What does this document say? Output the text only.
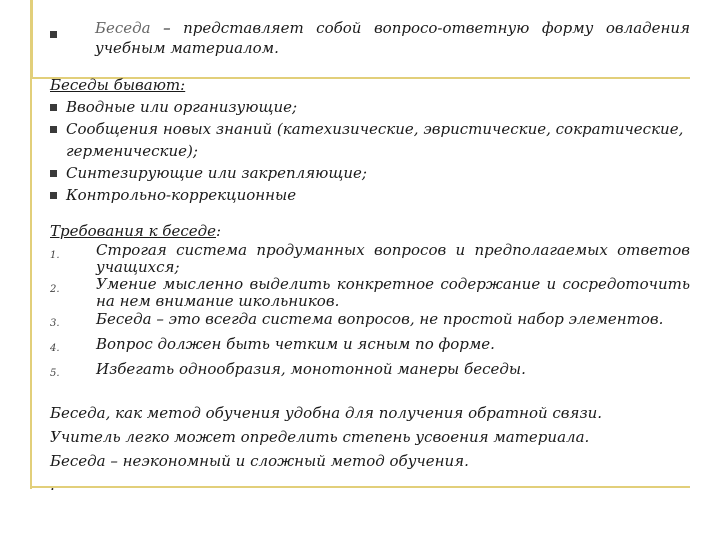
Беседа – представляет собой вопросо-ответную форму овладения учебным материалом.
Беседы бывают:
Вводные или организующие;
Сообщения новых знаний (катехизические, эвристические, сократические, герменические);
Синтезирующие или закрепляющие;
Контрольно-коррекционные
Требования к беседе:
1.	Строгая система продуманных вопросов и предполагаемых ответов учащихся;
2.	Умение мысленно выделить конкретное содержание и сосредоточить на нем внимание школьников.
3.	Беседа – это всегда система вопросов, не простой набор элементов.
4.	Вопрос должен быть четким и ясным по форме.
5.	Избегать однообразия, монотонной манеры беседы.
Беседа, как метод обучения удобна для получения обратной связи.
Учитель легко может определить степень усвоения материала.
Беседа – неэкономный и сложный метод обучения.
.
